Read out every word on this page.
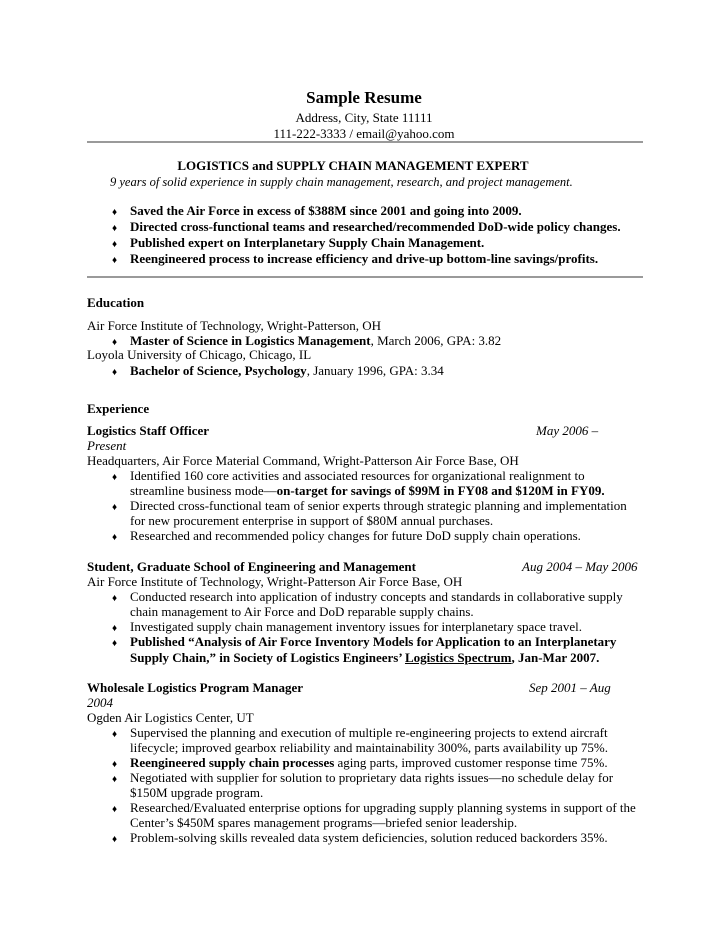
Sample Resume
Address, City, State 11111
111-222-3333 / email@yahoo.com
LOGISTICS and SUPPLY CHAIN MANAGEMENT EXPERT
9 years of solid experience in supply chain management, research, and project management.
♦ Saved the Air Force in excess of $388M since 2001 and going into 2009.
♦ Directed cross-functional teams and researched/recommended DoD-wide policy changes.
♦ Published expert on Interplanetary Supply Chain Management.
♦ Reengineered process to increase efficiency and drive-up bottom-line savings/profits.
Education
Air Force Institute of Technology, Wright-Patterson, OH
♦ Master of Science in Logistics Management, March 2006, GPA: 3.82
Loyola University of Chicago, Chicago, IL
♦ Bachelor of Science, Psychology, January 1996, GPA: 3.34
Experience
Logistics Staff Officer	May 2006 –
Present
Headquarters, Air Force Material Command, Wright-Patterson Air Force Base, OH
♦ Identified 160 core activities and associated resources for organizational realignment to
streamline business mode—on-target for savings of $99M in FY08 and $120M in FY09.
♦ Directed cross-functional team of senior experts through strategic planning and implementation
for new procurement enterprise in support of $80M annual purchases.
♦ Researched and recommended policy changes for future DoD supply chain operations.
Student, Graduate School of Engineering and Management	Aug 2004 – May 2006
Air Force Institute of Technology, Wright-Patterson Air Force Base, OH
♦ Conducted research into application of industry concepts and standards in collaborative supply
chain management to Air Force and DoD reparable supply chains.
♦ Investigated supply chain management inventory issues for interplanetary space travel.
♦ Published “Analysis of Air Force Inventory Models for Application to an Interplanetary
Supply Chain,” in Society of Logistics Engineers’ Logistics Spectrum, Jan-Mar 2007.
Wholesale Logistics Program Manager	Sep 2001 – Aug
2004
Ogden Air Logistics Center, UT
♦ Supervised the planning and execution of multiple re-engineering projects to extend aircraft
lifecycle; improved gearbox reliability and maintainability 300%, parts availability up 75%.
♦ Reengineered supply chain processes aging parts, improved customer response time 75%.
♦ Negotiated with supplier for solution to proprietary data rights issues—no schedule delay for
$150M upgrade program.
♦ Researched/Evaluated enterprise options for upgrading supply planning systems in support of the
Center’s $450M spares management programs—briefed senior leadership.
♦ Problem-solving skills revealed data system deficiencies, solution reduced backorders 35%.
